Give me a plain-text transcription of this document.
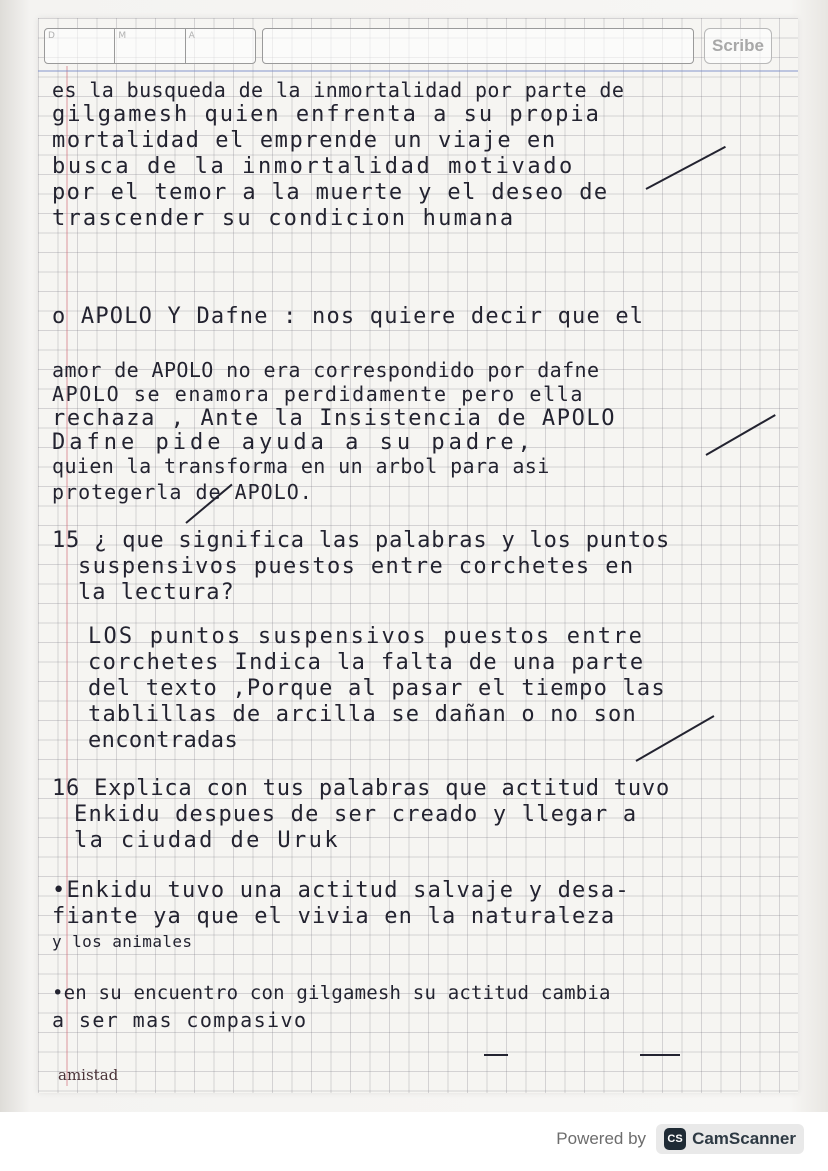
D	M	A	Scribe
es la busqueda de la inmortalidad por parte de
gilgamesh quien enfrenta a su propia
mortalidad el emprende un viaje en
busca de la inmortalidad motivado
por el temor a la muerte y el deseo de
trascender su condicion humana
o APOLO Y Dafne : nos quiere decir que el
amor de APOLO no era correspondido por dafne
APOLO se enamora perdidamente pero ella
rechaza , Ante la Insistencia de APOLO
Dafne pide ayuda a su padre,
quien la transforma en un arbol para asi
protegerla de APOLO.
15 ¿ que significa las palabras y los puntos
suspensivos puestos entre corchetes en
la lectura?
LOS puntos suspensivos puestos entre
corchetes Indica la falta de una parte
del texto ,Porque al pasar el tiempo las
tablillas de arcilla se dañan o no son
encontradas
16 Explica con tus palabras que actitud tuvo
Enkidu despues de ser creado y llegar a
la ciudad de Uruk
•Enkidu tuvo una actitud salvaje y desa-
fiante ya que el vivia en la naturaleza
y los animales
•en su encuentro con gilgamesh su actitud cambia
a ser mas compasivo
amistad
Powered by	CS CamScanner
